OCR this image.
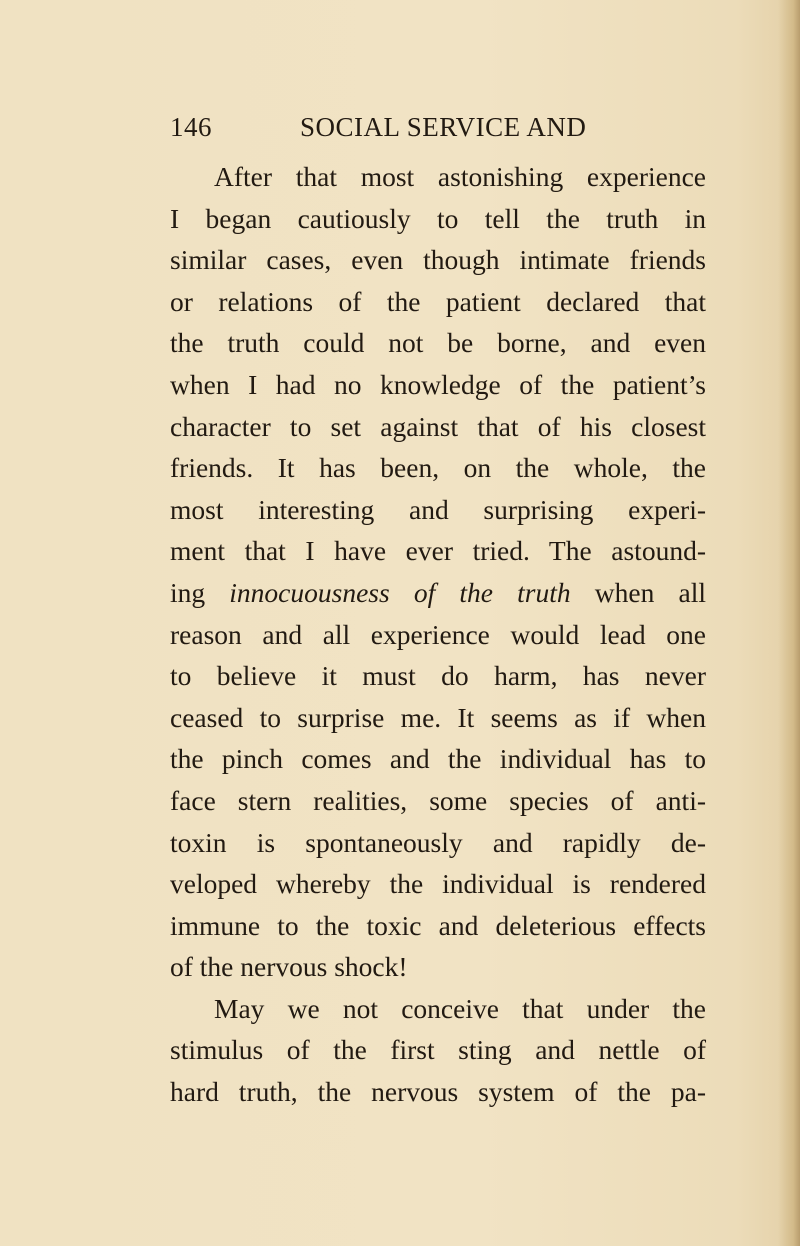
146	SOCIAL SERVICE AND
After that most astonishing experience
I began cautiously to tell the truth in
similar cases, even though intimate friends
or relations of the patient declared that
the truth could not be borne, and even
when I had no knowledge of the patient’s
character to set against that of his closest
friends. It has been, on the whole, the
most interesting and surprising experi-
ment that I have ever tried. The astound-
ing innocuousness of the truth when all
reason and all experience would lead one
to believe it must do harm, has never
ceased to surprise me. It seems as if when
the pinch comes and the individual has to
face stern realities, some species of anti-
toxin is spontaneously and rapidly de-
veloped whereby the individual is rendered
immune to the toxic and deleterious effects
of the nervous shock!
May we not conceive that under the
stimulus of the first sting and nettle of
hard truth, the nervous system of the pa-
